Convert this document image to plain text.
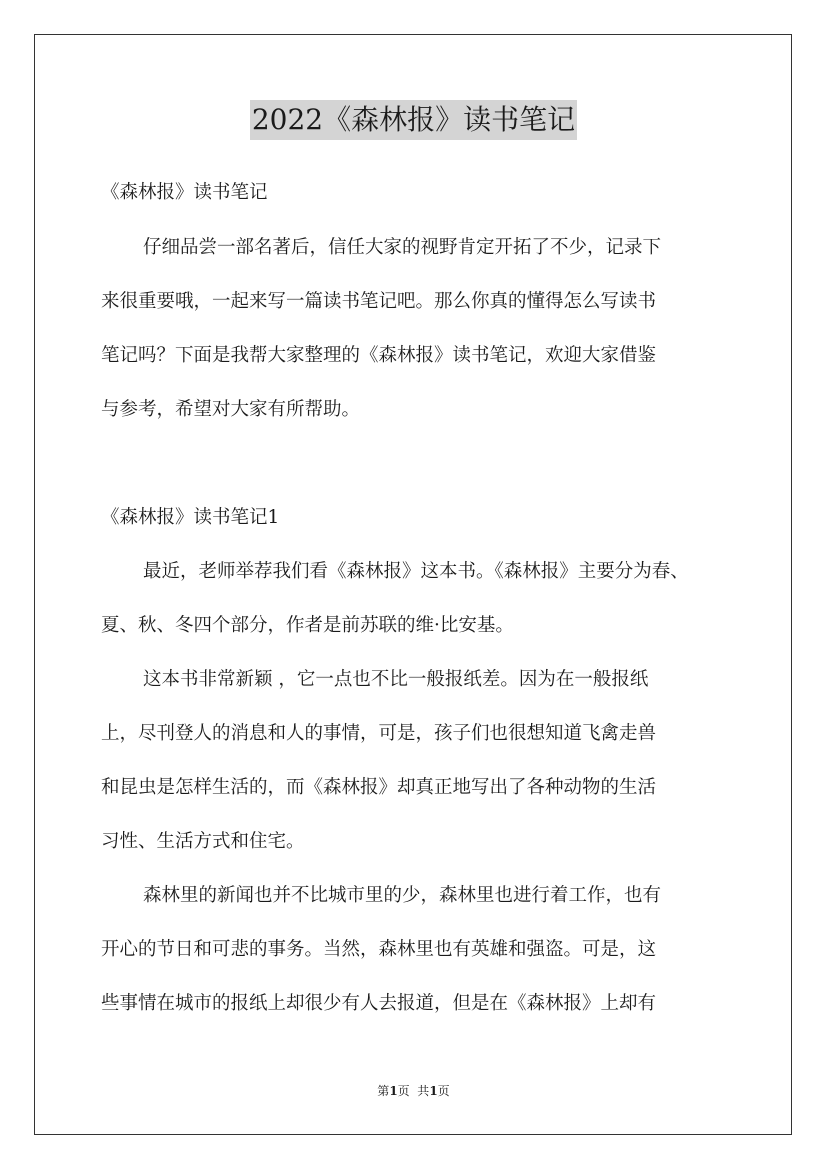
2022《森林报》读书笔记
《森林报》读书笔记
仔细品尝一部名著后，信任大家的视野肯定开拓了不少，记录下
来很重要哦，一起来写一篇读书笔记吧。那么你真的懂得怎么写读书
笔记吗？下面是我帮大家整理的《森林报》读书笔记，欢迎大家借鉴
与参考，希望对大家有所帮助。
《森林报》读书笔记1
最近，老师举荐我们看《森林报》这本书。《森林报》主要分为春、
夏、秋、冬四个部分，作者是前苏联的维·比安基。
这本书非常新颖 ，它一点也不比一般报纸差。因为在一般报纸
上，尽刊登人的消息和人的事情，可是，孩子们也很想知道飞禽走兽
和昆虫是怎样生活的，而《森林报》却真正地写出了各种动物的生活
习性、生活方式和住宅。
森林里的新闻也并不比城市里的少，森林里也进行着工作，也有
开心的节日和可悲的事务。当然，森林里也有英雄和强盗。可是，这
些事情在城市的报纸上却很少有人去报道，但是在《森林报》上却有
第1页  共1页
